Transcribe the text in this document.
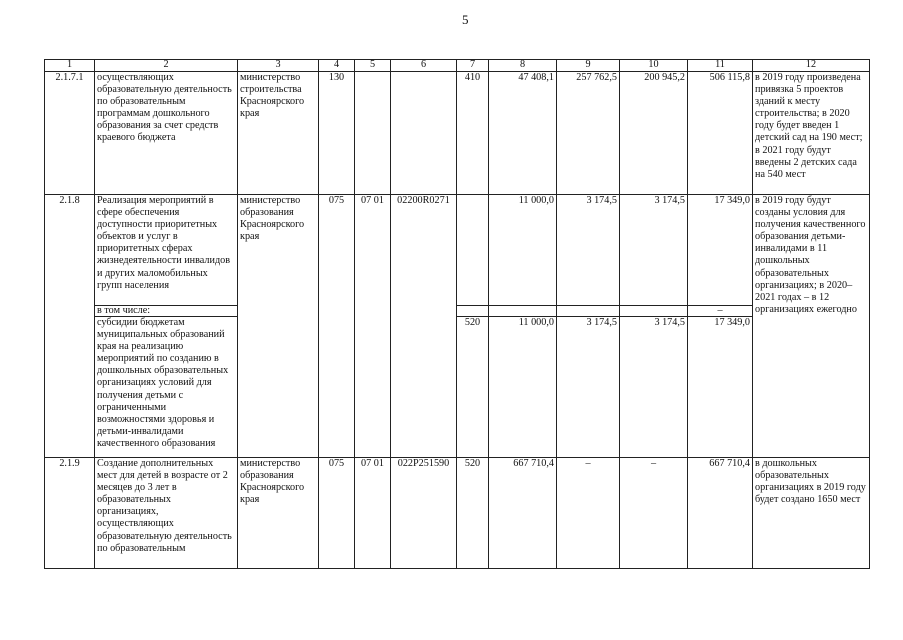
5
1	2	3	4	5	6	7	8	9	10	11	12
2.1.7.1	осуществляющих образовательную деятельность по образовательным программам дошкольного образования за счет средств краевого бюджета	министерство строительства Красноярского края	130			410	47 408,1	257 762,5	200 945,2	506 115,8	в 2019 году произведена привязка 5 проектов зданий к месту строительства; в 2020 году будет введен 1 детский сад на 190 мест; в 2021 году будут введены 2 детских сада на 540 мест
2.1.8	Реализация мероприятий в сфере обеспечения доступности приоритетных объектов и услуг в приоритетных сферах жизнедеятельности инвалидов и других маломобильных групп населения	министерство образования Красноярского края	075	07 01	02200R0271		11 000,0	3 174,5	3 174,5	17 349,0	в 2019 году будут созданы условия для получения качественного образования детьми-инвалидами в 11 дошкольных образовательных организациях; в 2020–2021 годах – в 12 организациях ежегодно
	в том числе:									–	
	субсидии бюджетам муниципальных образований края на реализацию мероприятий по созданию в дошкольных образовательных организациях условий для получения детьми с ограниченными возможностями здоровья и детьми-инвалидами качественного образования					520	11 000,0	3 174,5	3 174,5	17 349,0	
2.1.9	Создание дополнительных мест для детей в возрасте от 2 месяцев до 3 лет в образовательных организациях, осуществляющих образовательную деятельность по образовательным	министерство образования Красноярского края	075	07 01	022P251590	520	667 710,4	–	–	667 710,4	в дошкольных образовательных организациях в 2019 году будет создано 1650 мест
